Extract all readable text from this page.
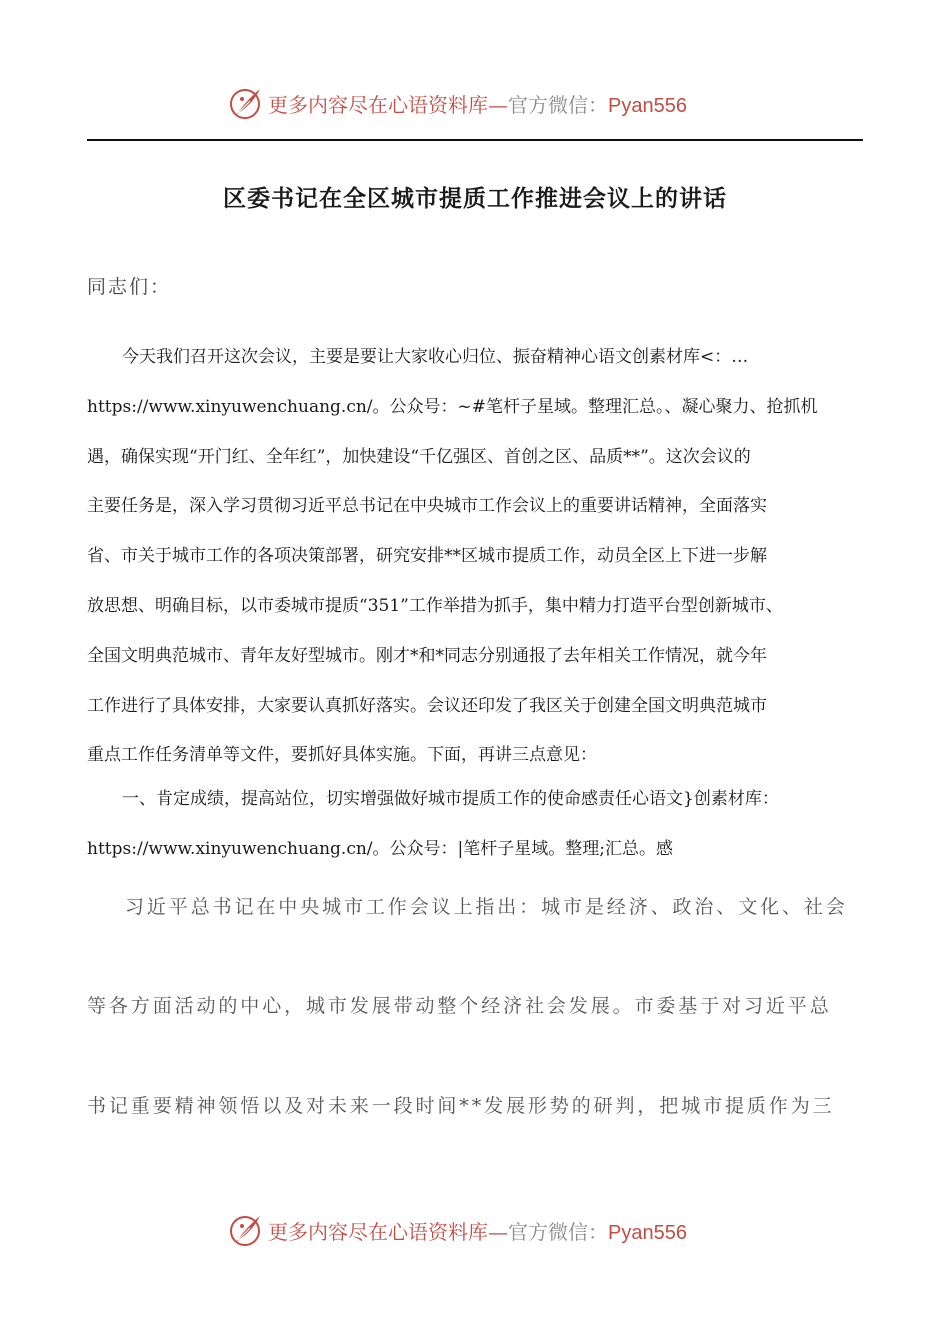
更多内容尽在心语资料库—官方微信：Pyan556
区委书记在全区城市提质工作推进会议上的讲话
同志们：
今天我们召开这次会议，主要是要让大家收心归位、振奋精神心语文创素材库<：…
https://www.xinyuwenchuang.cn/。公众号：~#笔杆子星域。整理汇总。、凝心聚力、抢抓机
遇，确保实现“开门红、全年红”，加快建设“千亿强区、首创之区、品质**”。这次会议的
主要任务是，深入学习贯彻习近平总书记在中央城市工作会议上的重要讲话精神，全面落实
省、市关于城市工作的各项决策部署，研究安排**区城市提质工作，动员全区上下进一步解
放思想、明确目标，以市委城市提质“351”工作举措为抓手，集中精力打造平台型创新城市、
全国文明典范城市、青年友好型城市。刚才*和*同志分别通报了去年相关工作情况，就今年
工作进行了具体安排，大家要认真抓好落实。会议还印发了我区关于创建全国文明典范城市
重点工作任务清单等文件，要抓好具体实施。下面，再讲三点意见：
一、肯定成绩，提高站位，切实增强做好城市提质工作的使命感责任心语文}创素材库：
https://www.xinyuwenchuang.cn/。公众号：|笔杆子星域。整理;汇总。感
习近平总书记在中央城市工作会议上指出：城市是经济、政治、文化、社会
等各方面活动的中心，城市发展带动整个经济社会发展。市委基于对习近平总
书记重要精神领悟以及对未来一段时间**发展形势的研判，把城市提质作为三
更多内容尽在心语资料库—官方微信：Pyan556
